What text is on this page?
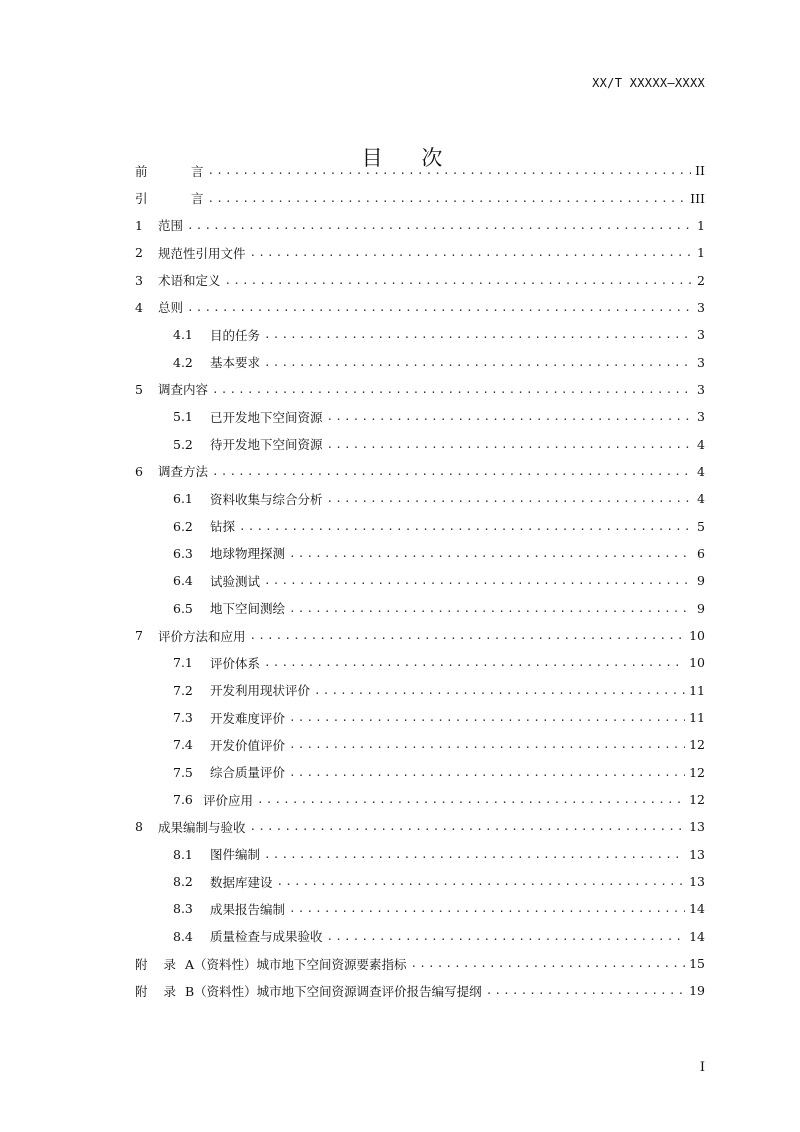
XX/T XXXXX—XXXX
目 次
前	言 .....	II
引	言 .....	III
1	范围 .....	1
2	规范性引用文件 .....	1
3	术语和定义 .....	2
4	总则 .....	3
4.1	目的任务 .....	3
4.2	基本要求 .....	3
5	调查内容 .....	3
5.1	已开发地下空间资源 .....	3
5.2	待开发地下空间资源 .....	4
6	调查方法 .....	4
6.1	资料收集与综合分析 .....	4
6.2	钻探 .....	5
6.3	地球物理探测 .....	6
6.4	试验测试 .....	9
6.5	地下空间测绘 .....	9
7	评价方法和应用 .....	10
7.1	评价体系 .....	10
7.2	开发利用现状评价 .....	11
7.3	开发难度评价 .....	11
7.4	开发价值评价 .....	12
7.5	综合质量评价 .....	12
7.6 评价应用 .....	12
8	成果编制与验收 .....	13
8.1	图件编制 .....	13
8.2	数据库建设 .....	13
8.3	成果报告编制 .....	14
8.4	质量检查与成果验收 .....	14
附 录 A（资料性）城市地下空间资源要素指标 .....	15
附 录 B（资料性）城市地下空间资源调查评价报告编写提纲 .....	19
I
